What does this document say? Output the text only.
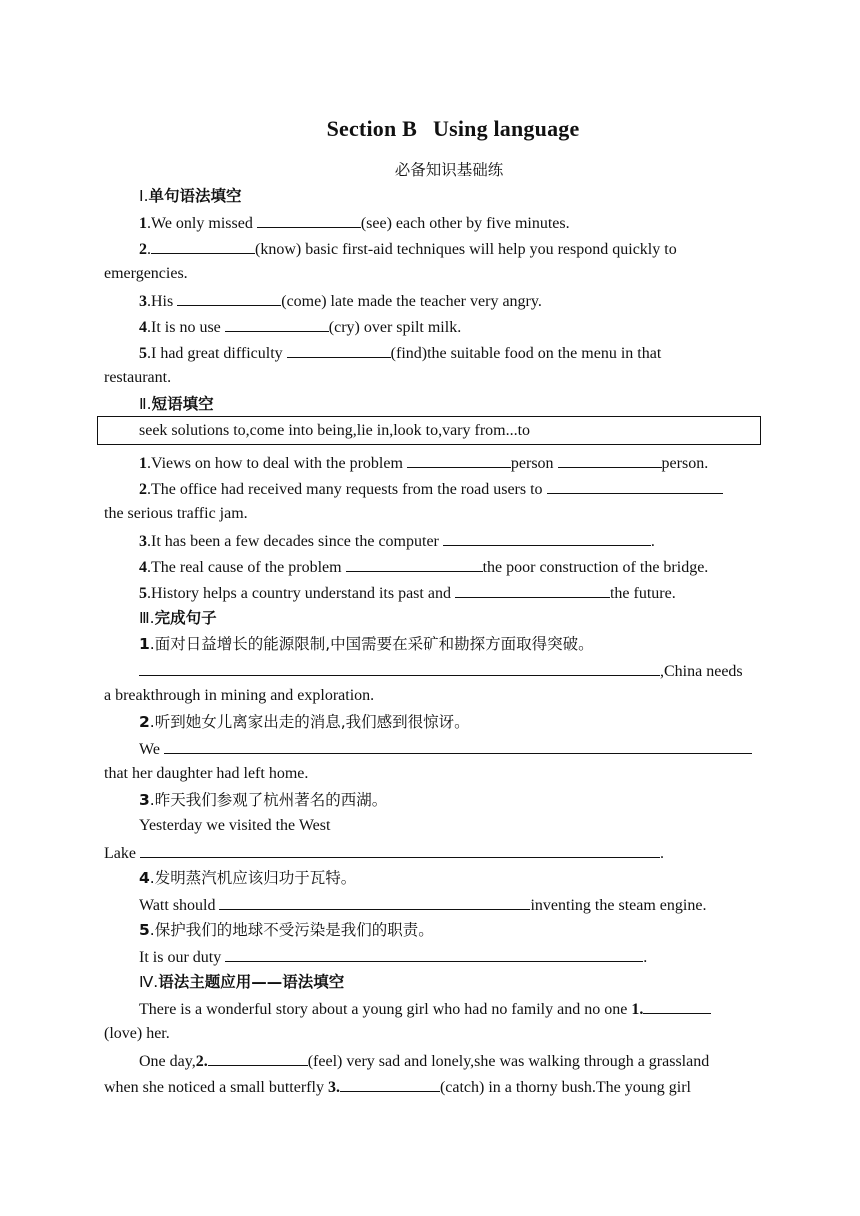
Section B Using language
必备知识基础练
Ⅰ.单句语法填空
1.We only missed	(see) each other by five minutes.
2.	(know) basic first-aid techniques will help you respond quickly to
emergencies.
3.His	(come) late made the teacher very angry.
4.It is no use	(cry) over spilt milk.
5.I had great difficulty	(find)the suitable food on the menu in that
restaurant.
Ⅱ.短语填空
seek solutions to,come into being,lie in,look to,vary from...to
1.Views on how to deal with the problem	person	person.
2.The office had received many requests from the road users to
the serious traffic jam.
3.It has been a few decades since the computer	.
4.The real cause of the problem	the poor construction of the bridge.
5.History helps a country understand its past and	the future.
Ⅲ.完成句子
1.面对日益增长的能源限制,中国需要在采矿和勘探方面取得突破。
,China needs
a breakthrough in mining and exploration.
2.听到她女儿离家出走的消息,我们感到很惊讶。
We
that her daughter had left home.
3.昨天我们参观了杭州著名的西湖。
Yesterday we visited the West
Lake	.
4.发明蒸汽机应该归功于瓦特。
Watt should	inventing the steam engine.
5.保护我们的地球不受污染是我们的职责。
It is our duty	.
Ⅳ.语法主题应用——语法填空
There is a wonderful story about a young girl who had no family and no one 1.
(love) her.
One day,2.	(feel) very sad and lonely,she was walking through a grassland
when she noticed a small butterfly 3.	(catch) in a thorny bush.The young girl
